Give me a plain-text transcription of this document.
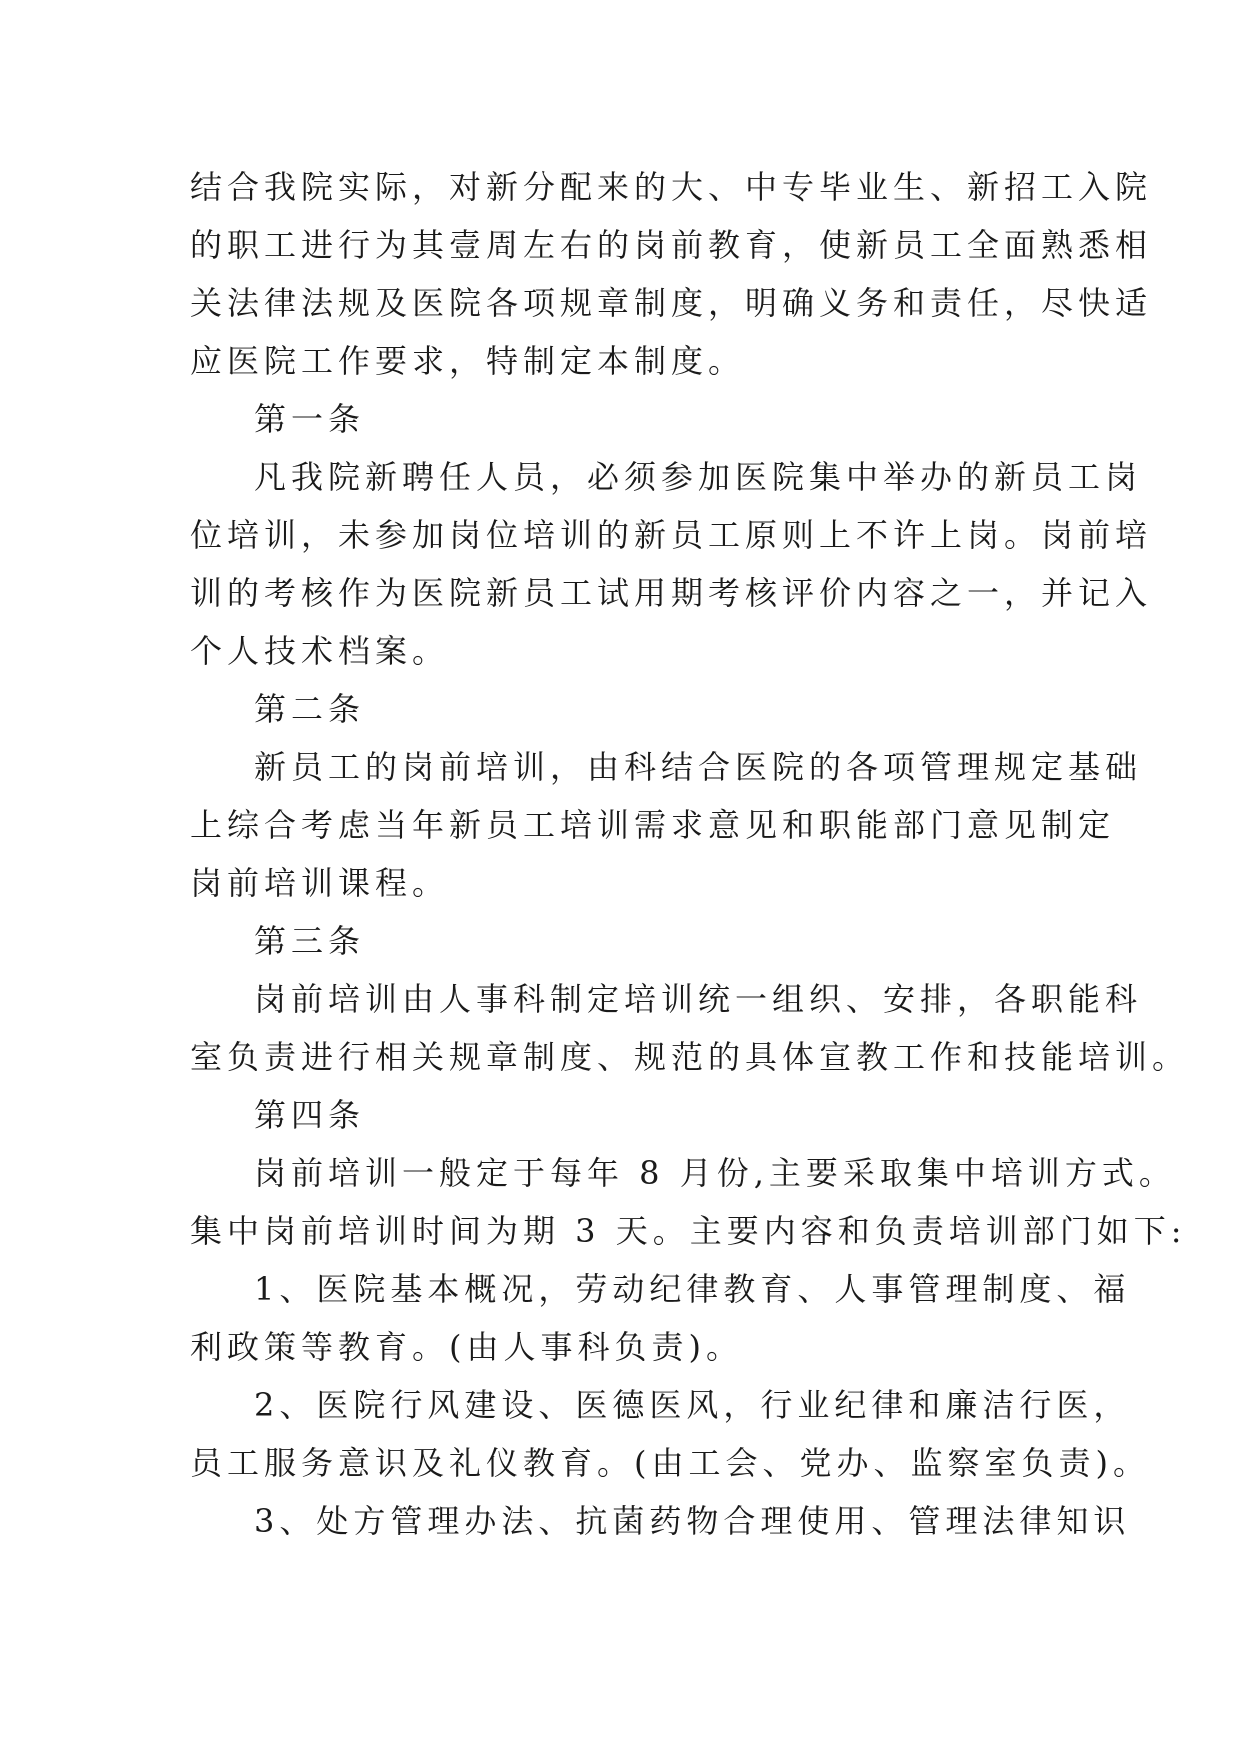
结合我院实际，对新分配来的大、中专毕业生、新招工入院
的职工进行为其壹周左右的岗前教育，使新员工全面熟悉相
关法律法规及医院各项规章制度，明确义务和责任，尽快适
应医院工作要求，特制定本制度。
第一条
凡我院新聘任人员，必须参加医院集中举办的新员工岗
位培训，未参加岗位培训的新员工原则上不许上岗。岗前培
训的考核作为医院新员工试用期考核评价内容之一，并记入
个人技术档案。
第二条
新员工的岗前培训，由科结合医院的各项管理规定基础
上综合考虑当年新员工培训需求意见和职能部门意见制定
岗前培训课程。
第三条
岗前培训由人事科制定培训统一组织、安排，各职能科
室负责进行相关规章制度、规范的具体宣教工作和技能培训。
第四条
岗前培训一般定于每年 8 月份,主要采取集中培训方式。
集中岗前培训时间为期 3 天。主要内容和负责培训部门如下:
1、医院基本概况，劳动纪律教育、人事管理制度、福
利政策等教育。(由人事科负责)。
2、医院行风建设、医德医风，行业纪律和廉洁行医，
员工服务意识及礼仪教育。(由工会、党办、监察室负责)。
3、处方管理办法、抗菌药物合理使用、管理法律知识
